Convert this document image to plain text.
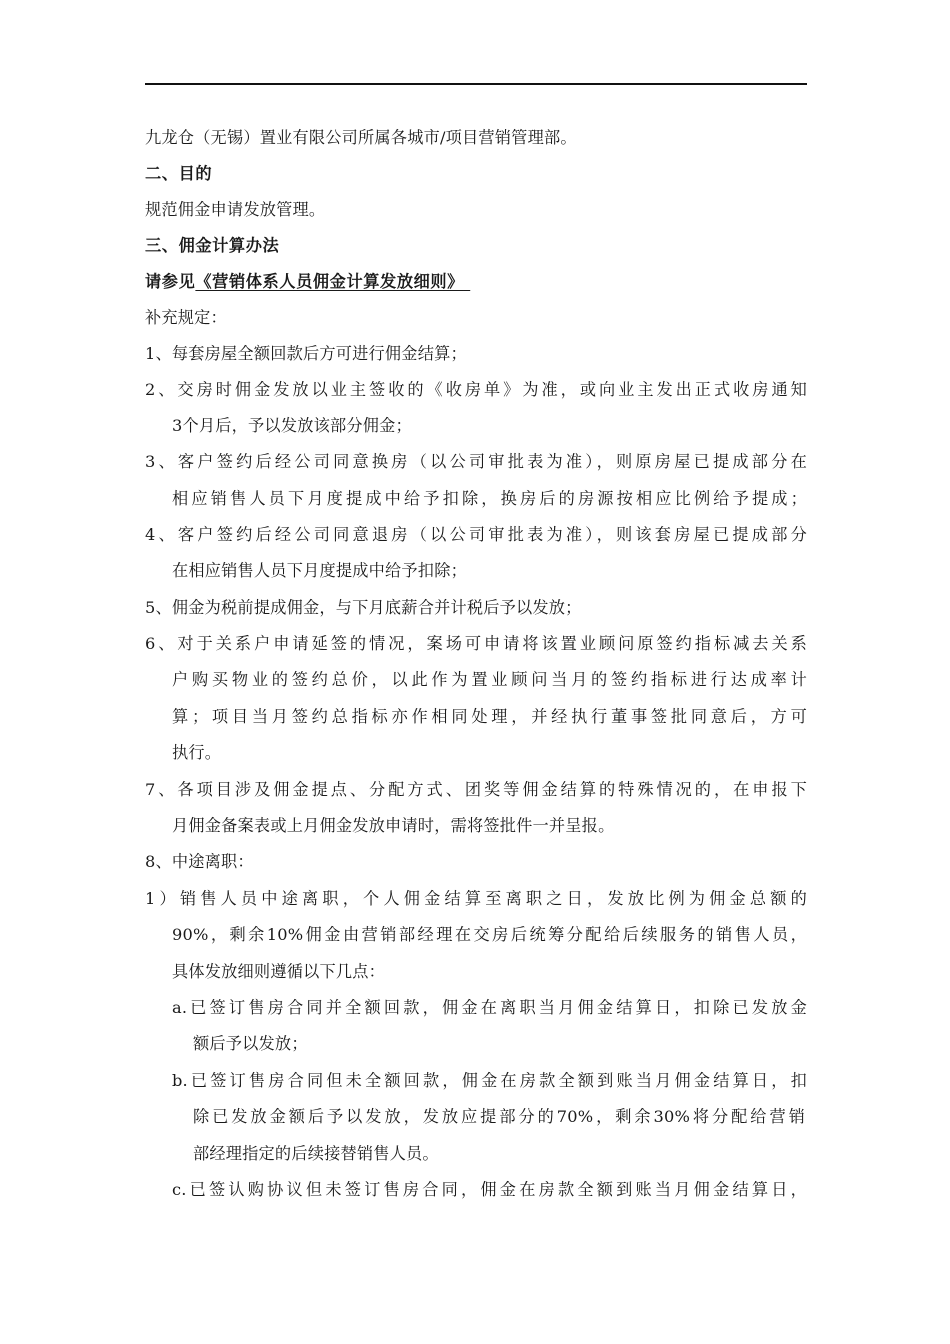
九龙仓（无锡）置业有限公司所属各城市/项目营销管理部。
二、目的
规范佣金申请发放管理。
三、佣金计算办法
请参见《营销体系人员佣金计算发放细则》
补充规定：
1、每套房屋全额回款后方可进行佣金结算；
2、交房时佣金发放以业主签收的《收房单》为准，或向业主发出正式收房通知
3个月后，予以发放该部分佣金；
3、客户签约后经公司同意换房（以公司审批表为准），则原房屋已提成部分在
相应销售人员下月度提成中给予扣除，换房后的房源按相应比例给予提成；
4、客户签约后经公司同意退房（以公司审批表为准），则该套房屋已提成部分
在相应销售人员下月度提成中给予扣除；
5、佣金为税前提成佣金，与下月底薪合并计税后予以发放；
6、对于关系户申请延签的情况，案场可申请将该置业顾问原签约指标减去关系
户购买物业的签约总价，以此作为置业顾问当月的签约指标进行达成率计
算；项目当月签约总指标亦作相同处理，并经执行董事签批同意后，方可
执行。
7、各项目涉及佣金提点、分配方式、团奖等佣金结算的特殊情况的，在申报下
月佣金备案表或上月佣金发放申请时，需将签批件一并呈报。
8、中途离职：
1）销售人员中途离职，个人佣金结算至离职之日，发放比例为佣金总额的
90%，剩余10%佣金由营销部经理在交房后统筹分配给后续服务的销售人员，
具体发放细则遵循以下几点：
a.已签订售房合同并全额回款，佣金在离职当月佣金结算日，扣除已发放金
额后予以发放；
b.已签订售房合同但未全额回款，佣金在房款全额到账当月佣金结算日，扣
除已发放金额后予以发放，发放应提部分的70%，剩余30%将分配给营销
部经理指定的后续接替销售人员。
c.已签认购协议但未签订售房合同，佣金在房款全额到账当月佣金结算日，
